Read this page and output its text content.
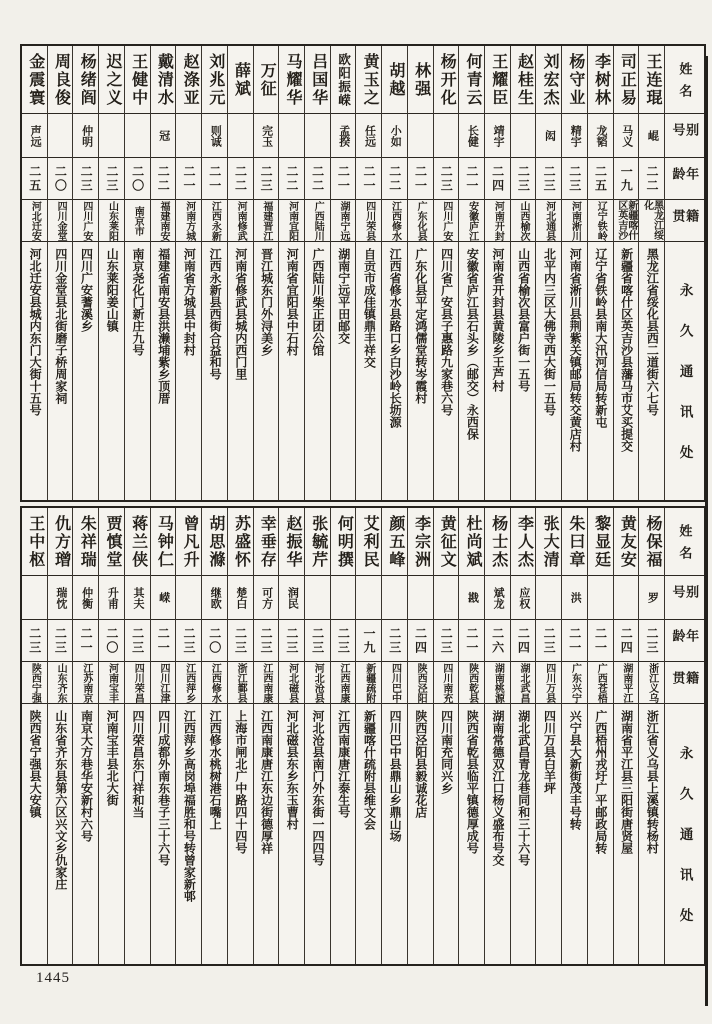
姓名
别号
年龄
籍贯
永久通讯处
王连琨
崐
二二
黑龙江绥化
黑龙江省绥化县西二道街六七号
司正易
马义
一九
新疆喀什区英吉沙
新疆省喀什区英吉沙县藩马市艾买提交
李树林
龙韬
二五
辽宁铁岭
辽宁省铁岭县南大汛河信局转新屯
杨守业
精宇
二三
河南淅川
河南省淅川县荆紫关镇邮局转交黄店村
刘宏杰
闳
二三
河北通县
北平内三区大佛寺西大街一五号
赵桂生
二三
山西榆次
山西省榆次县富户街一五号
王耀臣
靖宇
二四
河南开封
河南省开封县黄陵乡王芦村
何青云
长健
二一
安徽庐江
安徽省庐江县石头乡（邮交）永西保
杨开化
二三
四川广安
四川省广安县子惠路九家巷六号
林强
二一
广东化县
广东化县平定鸿儒堂转岑霞村
胡越
小如
二二
江西修水
江西省修水县路口乡白沙岭长坜源
黄玉之
任远
二一
四川荣县
自贡市成佳镇鼎丰祥交
欧阳振嵘
孟揆
二一
湖南宁远
湖南宁远平田邮交
吕国华
二二
广西陆川
广西陆川柴正团公馆
马耀华
二二
河南宜阳
河南省宜阳县中石村
万征
完玉
二三
福建晋江
晋江城东门外浔美乡
薛斌
二二
河南修武
河南省修武县城内西门里
刘兆元
则诚
二一
江西永新
江西永新县西街合益和号
赵涤亚
二一
河南方城
河南省方城县中封村
戴清水
冠
二二
福建南安
福建省南安县洪濑埔紫乡顶厝
王健中
二〇
南京市
南京尧化门新庄九号
迟之义
二三
山东莱阳
山东莱阳姜山镇
杨绪阎
仲明
二三
四川广安
四川广安蓍溪乡
周良俊
二〇
四川金堂
四川金堂县北街磨子桥周家祠
金震寰
声远
二五
河北迁安
河北迁安县城内东门大街十五号
姓名
别号
年龄
籍贯
永久通讯处
杨保福
罗
二三
浙江义乌
浙江省义乌县上溪镇转杨村
黄友安
二四
湖南平江
湖南省平江县三阳街唐贤屋
黎显廷
二一
广西苍梧
广西梧州戎圩广平邮政局转
朱曰章
洪
二一
广东兴宁
兴宁县大新街茂丰号转
张大清
二三
四川万县
四川万县白羊坪
李人杰
应权
二四
湖北武昌
湖北武昌青龙巷同和三十六号
杨士杰
斌龙
二六
湖南桃源
湖南常德双江口杨义盛布号交
杜尚斌
戡
二一
陕西乾县
陕西省乾县临平镇德厚成号
黄征文
二三
四川南充
四川南充同兴乡
李宗洲
二四
陕西泾阳
陕西泾阳县毅诚花店
颜五峰
二三
四川巴中
四川巴中县鼎山乡鼎山场
艾利民
一九
新疆疏附
新疆喀什疏附县维文会
何明撰
二三
江西南康
江西南康唐江泰生号
张毓芹
二三
河北沧县
河北沧县南门外东街一四四号
赵振华
润民
二三
河北磁县
河北磁县东乡东玉曹村
幸垂存
可方
二三
江西南康
江西南康唐江东边街德厚祥
苏盛怀
楚白
二三
浙江鄞县
上海市闸北广中路四十四号
胡思滌
继欧
二〇
江西修水
江西修水桃树港石嘴上
曾凡升
二三
江西萍乡
江西萍乡高岗埠福胜和号转曾家新邨
马钟仁
嵘
二一
四川江津
四川成都外南东巷子三十六号
蒋兰侠
其夫
二三
四川荣昌
四川荣昌东门祥和当
贾慎堂
升甫
二〇
河南宝丰
河南宝丰县北大街
朱祥瑞
仲衡
二一
江苏南京
南京大方巷华安新村六号
仇方璔
瑞忱
二三
山东齐东
山东省齐东县第六区兴文乡仇家庄
王中枢
二三
陕西宁强
陕西省宁强县大安镇
1445
